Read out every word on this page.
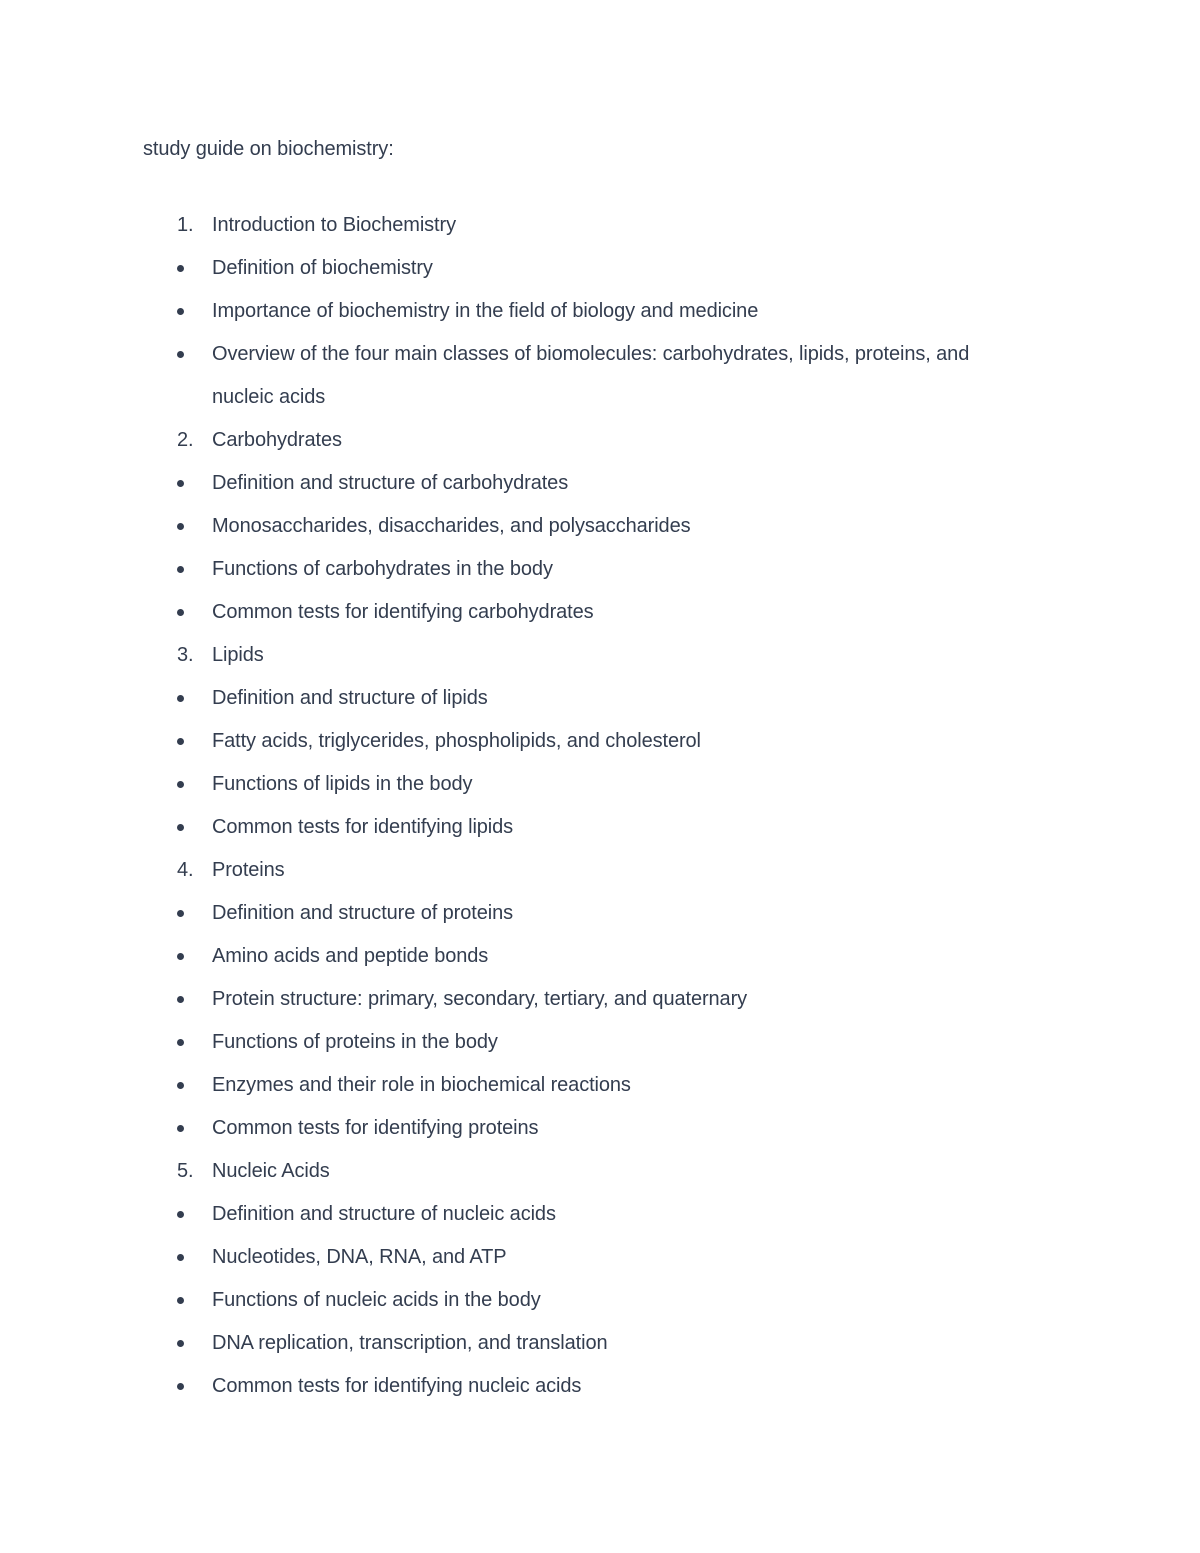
study guide on biochemistry:

1. Introduction to Biochemistry
Definition of biochemistry
Importance of biochemistry in the field of biology and medicine
Overview of the four main classes of biomolecules: carbohydrates, lipids, proteins, and nucleic acids
2. Carbohydrates
Definition and structure of carbohydrates
Monosaccharides, disaccharides, and polysaccharides
Functions of carbohydrates in the body
Common tests for identifying carbohydrates
3. Lipids
Definition and structure of lipids
Fatty acids, triglycerides, phospholipids, and cholesterol
Functions of lipids in the body
Common tests for identifying lipids
4. Proteins
Definition and structure of proteins
Amino acids and peptide bonds
Protein structure: primary, secondary, tertiary, and quaternary
Functions of proteins in the body
Enzymes and their role in biochemical reactions
Common tests for identifying proteins
5. Nucleic Acids
Definition and structure of nucleic acids
Nucleotides, DNA, RNA, and ATP
Functions of nucleic acids in the body
DNA replication, transcription, and translation
Common tests for identifying nucleic acids
